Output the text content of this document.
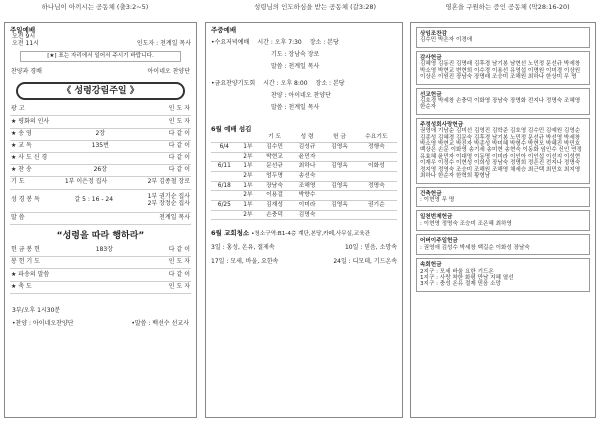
하나님이 아끼시는 공동체 (출3:2~5)	성령님의 인도하심을 받는 공동체 (갈3:28)	영혼을 구원하는 증인 공동체 (막28:16-20)
주일예배
오전 9시
오전 11시	인도자 : 천계일 목사
[★] 표는 자리에서 일어서 주시기 바랍니다.
찬양과 경배	아이네오 찬양단
《 성령강림주일 》
광 고	인 도 자
★ 평화의 인사	인 도 자
★ 송 영	2장	다 같 이
★ 교 독	135번	다 같 이
★ 사 도 신 경	다 같 이
★ 찬 송	26장	다 같 이
기 도	1부 이은정 집사	2부 김종철 장로
성 경 봉 독	갈 5 : 16 - 24	1부 권기순 집사
2부 장정순 집사
말 씀	천계일 목사
“성령을 따라 행하라”
헌 금 봉 헌	183장	다 같 이
봉 헌 기 도	인 도 자
★ 파송의 말씀	다 같 이
★ 축 도	인 도 자
3부/오후 1시30분
•찬양 : 아이네오찬양단	•말씀 : 백선수 선교사
주중예배
•수요저녁예배 시간 : 오후 7:30 장소 : 본당
기도 : 장남숙 장로
말씀 : 천계일 목사
•금요찬양기도회 시간 : 오후 8:00 장소 : 본당
찬양 : 아이네오 찬양단
말씀 : 천계일 목사
6월 예배 섬김
		기 도	성 령	헌 금	수요기도
6/4	1부	김수민	김성규	김영옥	정행숙
	2부	박현교	윤민자		
6/11	1부	문선규	최하나	김영옥	이화성
	2부	엄두명	송선숙		
6/18	1부	장남숙	조해영	김영옥	정명숙
	2부	이용걸	박향수		
6/25	1부	김재성	이미라	김영옥	권기순
	2부	손충덕	김명숙		
6월 교회청소 •청소구역:B1-4층 계단,본당,카페,사무실,교육관
3일 : 홍성, 온유, 절제속	10일 : 믿음, 소망속
17일 : 모세, 바울, 요한속	24일 : 디모데, 기드온속
상임조찬감
김수민 박은자 이경애
감사헌금
김혜영 김동진 김명래 김후경 남기봉 남현선 노민정 문선규 박세창 박소영 박현교 변현희 이수경 이용선 유영섭 이명원 이미경 이상원 이상은 이원진 장남숙 장명래 조승미 조해원 최하나 한상미 무 명
선교헌금
김호경 박세창 손충덕 이화영 장남숙 장명화 전지나 정명숙 조혜영 한순자
주정성회사랑헌금
권영애 기남순 김미선 김영진 김학준 김호영 김수민 김예원 김영순 김종성 김혜경 김문숙 김후경 남기봉 노민정 문선규 박선영 박세창 박소영 박현교 박진자 박종성 박미혜 박형수 박현모 박혜진 박민호 백상은 손문 이화영 송기세 송미현 송현숙 이동화 임인수 신인 연정 유효혜 윤민자 이대영 이동명 이미라 이인아 이인섭 이선지 이성현 이재우 이정수 이현성 이희성 장남숙 정명희 정은진 전지나 정명숙 정지영 정영숙 조승미 조해원 조해영 채세승 최근택 최민호 최지영 최하나 한순자 한혁희 황형남
건축헌금
: 이현영 무 명
일천번제헌금
: 이현영 정명숙 조승미 조은혜 최하영
어버이주일헌금
: 권영애 김성수 박세창 백길순 이화성 장남숙
속회헌금
2지구 : 모세 바울 요한 기드온
1지구 : 사랑 착한 화평 만남 지혜 열선
3지구 : 충성 온유 절제 믿음 소망
